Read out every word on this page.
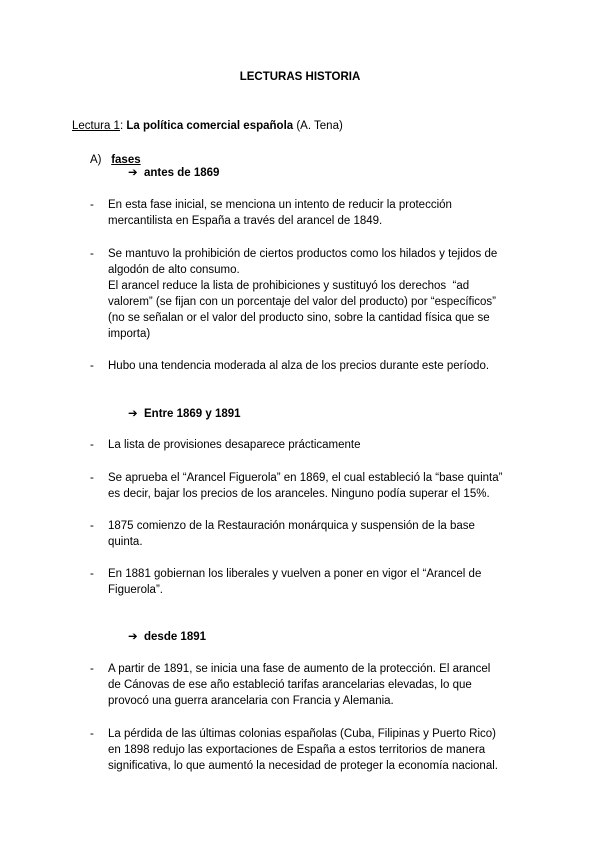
LECTURAS HISTORIA
Lectura 1: La política comercial española (A. Tena)
A) fases
➔ antes de 1869
-	En esta fase inicial, se menciona un intento de reducir la protección
mercantilista en España a través del arancel de 1849.
-	Se mantuvo la prohibición de ciertos productos como los hilados y tejidos de
algodón de alto consumo.
El arancel reduce la lista de prohibiciones y sustituyó los derechos  “ad
valorem” (se fijan con un porcentaje del valor del producto) por “específicos”
(no se señalan or el valor del producto sino, sobre la cantidad física que se
importa)
-	Hubo una tendencia moderada al alza de los precios durante este período.
➔ Entre 1869 y 1891
-	La lista de provisiones desaparece prácticamente
-	Se aprueba el “Arancel Figuerola” en 1869, el cual estableció la “base quinta”
es decir, bajar los precios de los aranceles. Ninguno podía superar el 15%.
-	1875 comienzo de la Restauración monárquica y suspensión de la base
quinta.
-	En 1881 gobiernan los liberales y vuelven a poner en vigor el “Arancel de
Figuerola”.
➔ desde 1891
-	A partir de 1891, se inicia una fase de aumento de la protección. El arancel
de Cánovas de ese año estableció tarifas arancelarias elevadas, lo que
provocó una guerra arancelaria con Francia y Alemania.
-	La pérdida de las últimas colonias españolas (Cuba, Filipinas y Puerto Rico)
en 1898 redujo las exportaciones de España a estos territorios de manera
significativa, lo que aumentó la necesidad de proteger la economía nacional.
